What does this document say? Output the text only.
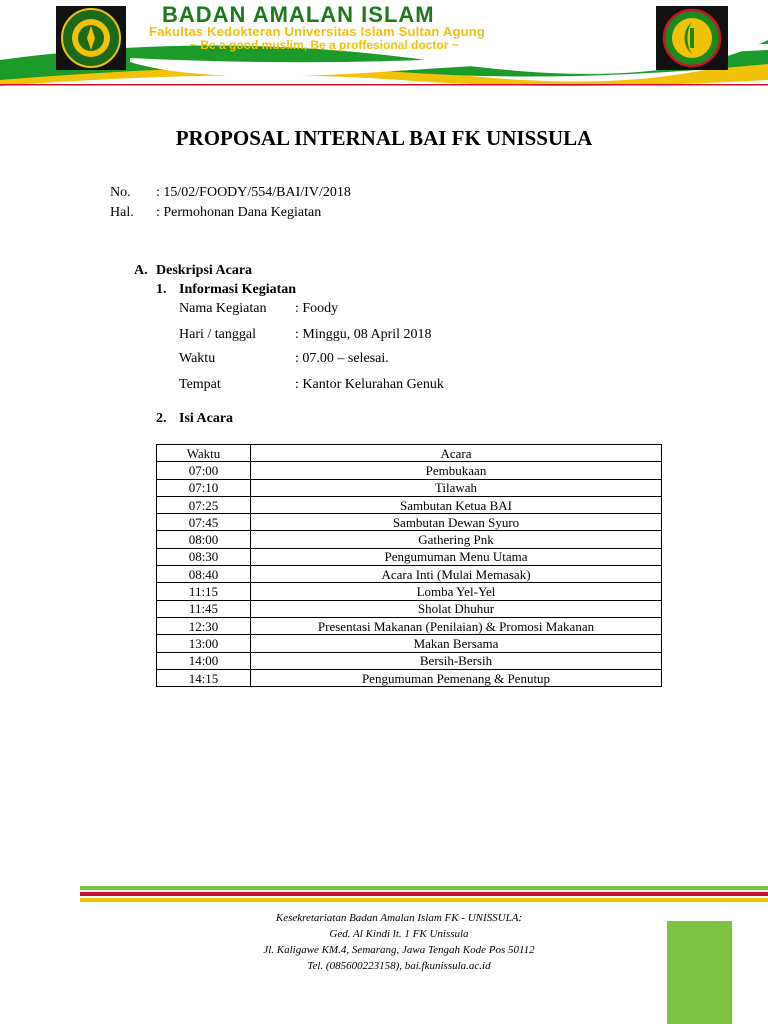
BADAN AMALAN ISLAM
Fakultas Kedokteran Universitas Islam Sultan Agung
~ Be a good muslim, Be a proffesional doctor ~
PROPOSAL INTERNAL BAI FK UNISSULA
No. : 15/02/FOODY/554/BAI/IV/2018
Hal. : Permohonan Dana Kegiatan
A. Deskripsi Acara
1. Informasi Kegiatan
Nama Kegiatan : Foody
Hari / tanggal	: Minggu, 08 April 2018
Waktu	: 07.00 – selesai.
Tempat	: Kantor Kelurahan Genuk
2. Isi Acara
Waktu	Acara
07:00	Pembukaan
07:10	Tilawah
07:25	Sambutan Ketua BAI
07:45	Sambutan Dewan Syuro
08:00	Gathering Pnk
08:30	Pengumuman Menu Utama
08:40	Acara Inti (Mulai Memasak)
11:15	Lomba Yel-Yel
11:45	Sholat Dhuhur
12:30	Presentasi Makanan (Penilaian) & Promosi Makanan
13:00	Makan Bersama
14:00	Bersih-Bersih
14:15	Pengumuman Pemenang & Penutup
Kesekretariatan Badan Amalan Islam FK - UNISSULA:
Ged. Al Kindi lt. 1 FK Unissula
Jl. Kaligawe KM.4, Semarang, Jawa Tengah Kode Pos 50112
Tel. (085600223158), bai.fkunissula.ac.id
